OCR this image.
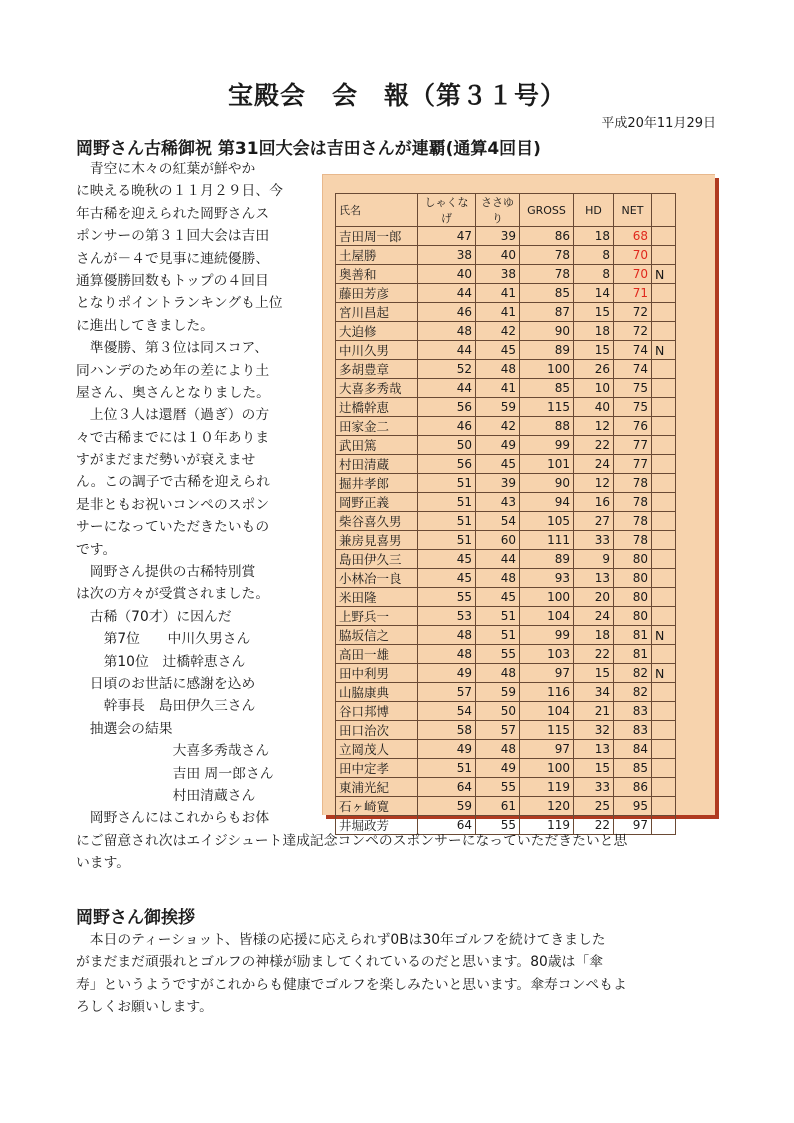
宝殿会　会　報（第３１号）
平成20年11月29日
岡野さん古稀御祝 第31回大会は吉田さんが連覇(通算4回目)
　青空に木々の紅葉が鮮やか
に映える晩秋の１１月２９日、今
年古稀を迎えられた岡野さんス
ポンサーの第３１回大会は吉田
さんが－４で見事に連続優勝、
通算優勝回数もトップの４回目
となりポイントランキングも上位
に進出してきました。
　準優勝、第３位は同スコア、
同ハンデのため年の差により土
屋さん、奥さんとなりました。
　上位３人は還暦（過ぎ）の方
々で古稀までには１０年ありま
すがまだまだ勢いが衰えませ
ん。この調子で古稀を迎えられ
是非ともお祝いコンペのスポン
サーになっていただきたいもの
です。
　岡野さん提供の古稀特別賞
は次の方々が受賞されました。
　古稀（70才）に因んだ
　　第7位　　中川久男さん
　　第10位　辻橋幹恵さん
　日頃のお世話に感謝を込め
　　幹事長　島田伊久三さん
　抽選会の結果
　　　　　　　大喜多秀哉さん
　　　　　　　吉田 周一郎さん
　　　　　　　村田清蔵さん
　岡野さんにはこれからもお体
氏名	しゃくなげ	ささゆり	GROSS	HD	NET	
吉田周一郎	47	39	86	18	68	
土屋勝	38	40	78	8	70	
奥善和	40	38	78	8	70	N
藤田芳彦	44	41	85	14	71	
宮川昌起	46	41	87	15	72	
大迫修	48	42	90	18	72	
中川久男	44	45	89	15	74	N
多胡豊章	52	48	100	26	74	
大喜多秀哉	44	41	85	10	75	
辻橋幹恵	56	59	115	40	75	
田家金二	46	42	88	12	76	
武田篤	50	49	99	22	77	
村田清蔵	56	45	101	24	77	
掘井孝郎	51	39	90	12	78	
岡野正義	51	43	94	16	78	
柴谷喜久男	51	54	105	27	78	
兼房見喜男	51	60	111	33	78	
島田伊久三	45	44	89	9	80	
小林冶一良	45	48	93	13	80	
米田隆	55	45	100	20	80	
上野兵一	53	51	104	24	80	
脇坂信之	48	51	99	18	81	N
高田一雄	48	55	103	22	81	
田中利男	49	48	97	15	82	N
山脇康典	57	59	116	34	82	
谷口邦博	54	50	104	21	83	
田口治次	58	57	115	32	83	
立岡茂人	49	48	97	13	84	
田中定孝	51	49	100	15	85	
東浦光紀	64	55	119	33	86	
石ヶ崎寛	59	61	120	25	95	
井堀政芳	64	55	119	22	97	
にご留意され次はエイジシュート達成記念コンペのスポンサーになっていただきたいと思
います。
岡野さん御挨拶
　本日のティーショット、皆様の応援に応えられず0Bは30年ゴルフを続けてきました
がまだまだ頑張れとゴルフの神様が励ましてくれているのだと思います。80歳は「傘
寿」というようですがこれからも健康でゴルフを楽しみたいと思います。傘寿コンペもよ
ろしくお願いします。
